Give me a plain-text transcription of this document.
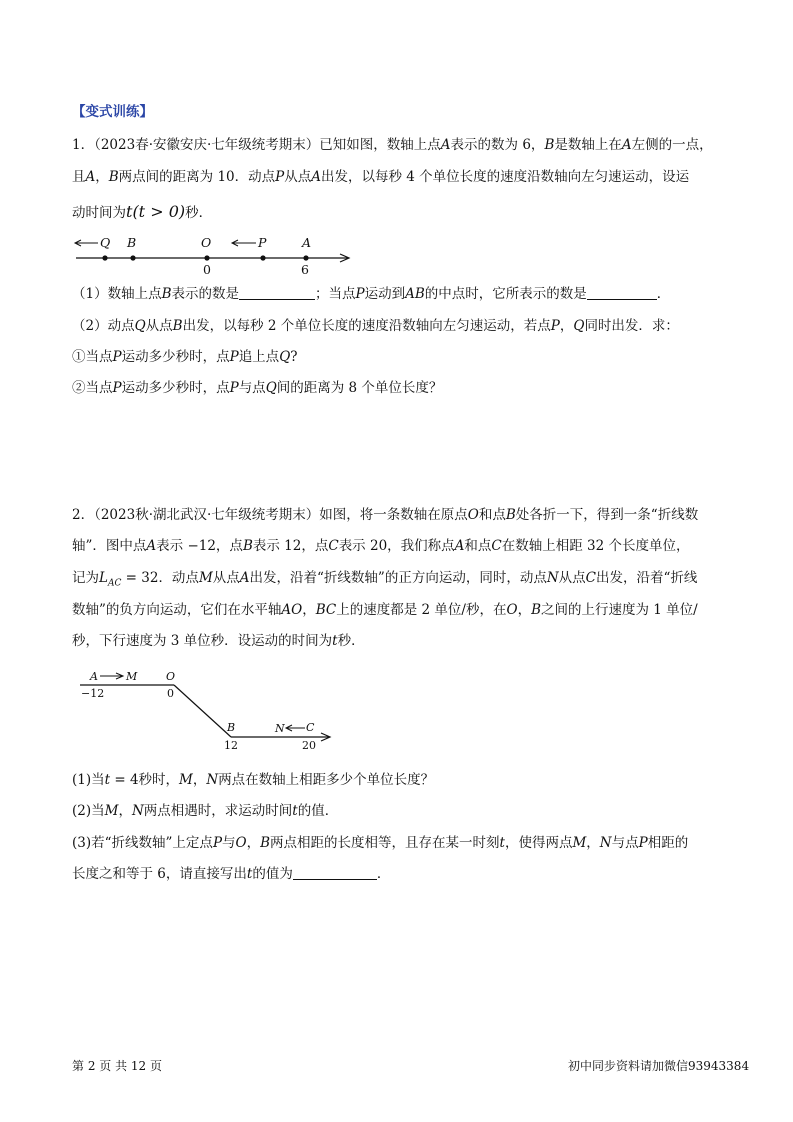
【变式训练】
1．（2023春·安徽安庆·七年级统考期末）已知如图，数轴上点A表示的数为 6，B是数轴上在A左侧的一点，
且A，B两点间的距离为 10．动点P从点A出发，以每秒 4 个单位长度的速度沿数轴向左匀速运动，设运
动时间为t(t > 0)秒．
Q B	O	P	A
0	6
（1）数轴上点B表示的数是	；当点P运动到AB的中点时，它所表示的数是	．
（2）动点Q从点B出发，以每秒 2 个单位长度的速度沿数轴向左匀速运动，若点P，Q同时出发．求：
①当点P运动多少秒时，点P追上点Q?
②当点P运动多少秒时，点P与点Q间的距离为 8 个单位长度？
2．（2023秋·湖北武汉·七年级统考期末）如图，将一条数轴在原点O和点B处各折一下，得到一条“折线数
轴”．图中点A表示 −12，点B表示 12，点C表示 20，我们称点A和点C在数轴上相距 32 个长度单位，
记为$L_{AC} = 32$．动点M从点A出发，沿着“折线数轴”的正方向运动，同时，动点N从点C出发，沿着“折线
数轴”的负方向运动，它们在水平轴AO，BC上的速度都是 2 单位/秒，在O，B之间的上行速度为 1 单位/
秒，下行速度为 3 单位秒．设运动的时间为t秒．
A	M	O
−12	0
B	N C
12	20
(1)当t = 4秒时，M，N两点在数轴上相距多少个单位长度？
(2)当M，N两点相遇时，求运动时间t的值．
(3)若“折线数轴”上定点P与O，B两点相距的长度相等，且存在某一时刻t，使得两点M，N与点P相距的
长度之和等于 6，请直接写出t的值为	．
第 2 页 共 12 页	初中同步资料请加微信93943384
